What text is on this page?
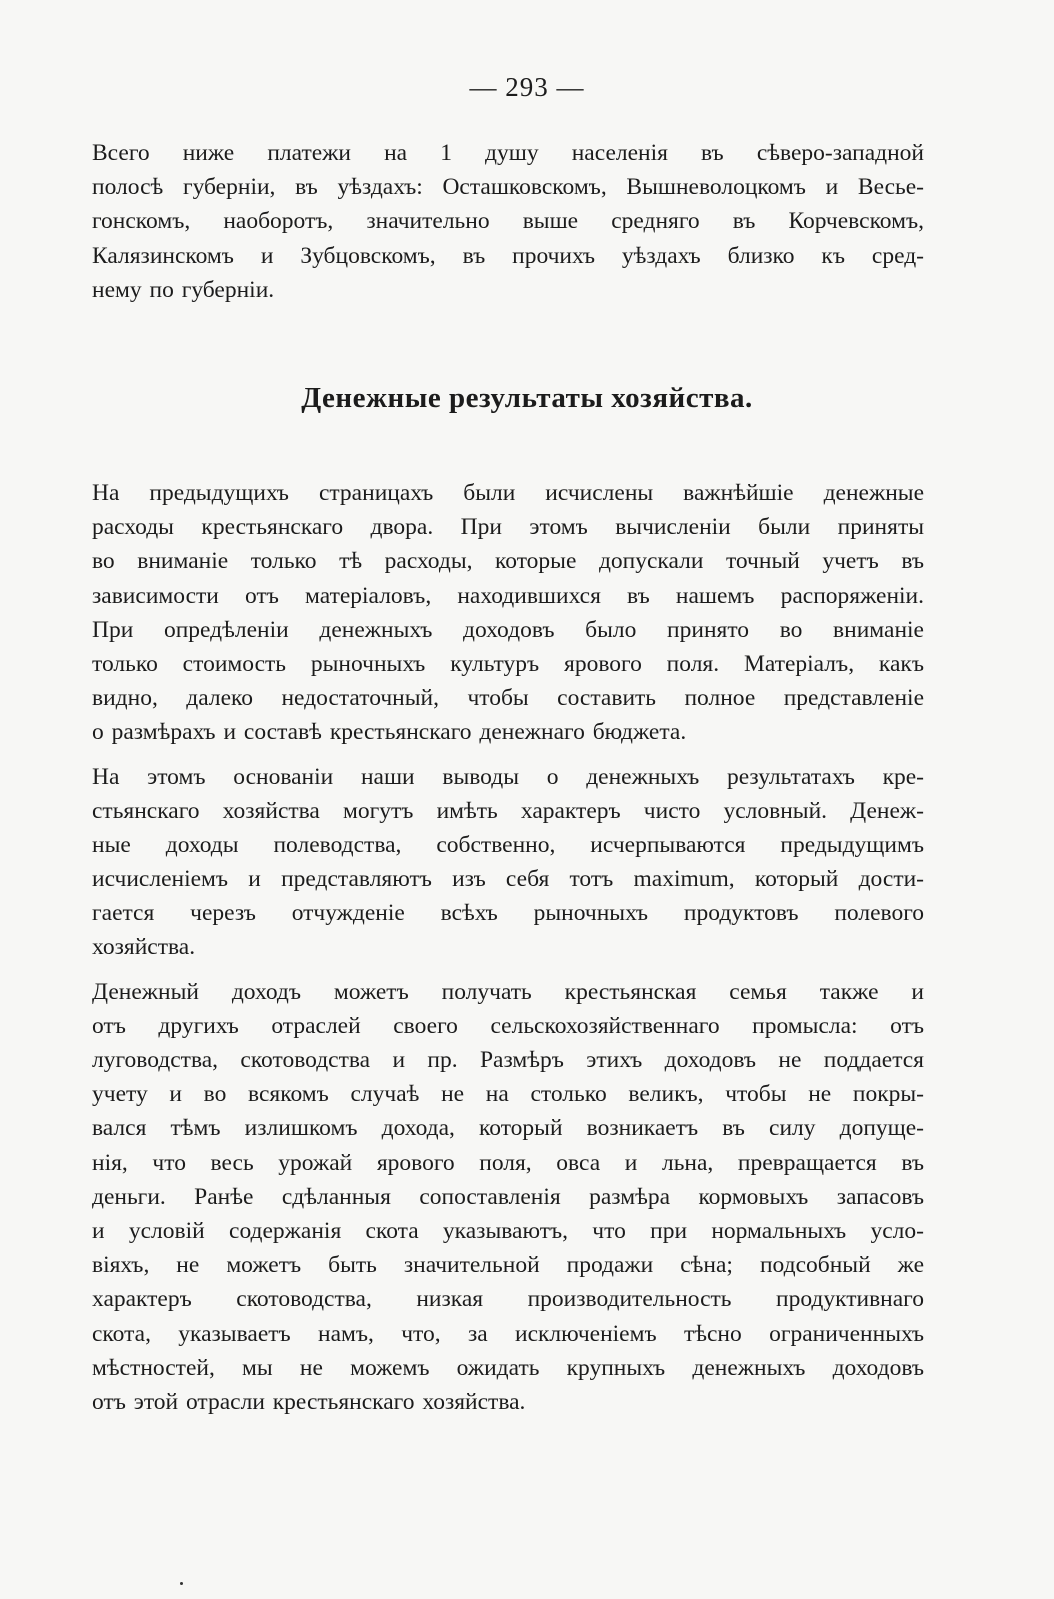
— 293 —
Всего ниже платежи на 1 душу населенія въ сѣверо-западной
полосѣ губерніи, въ уѣздахъ: Осташковскомъ, Вышневолоцкомъ и Весье-
гонскомъ, наоборотъ, значительно выше средняго въ Корчевскомъ,
Калязинскомъ и Зубцовскомъ, въ прочихъ уѣздахъ близко къ сред-
нему по губерніи.
Денежные результаты хозяйства.
На предыдущихъ страницахъ были исчислены важнѣйшіе денежные
расходы крестьянскаго двора. При этомъ вычисленіи были приняты
во вниманіе только тѣ расходы, которые допускали точный учетъ въ
зависимости отъ матеріаловъ, находившихся въ нашемъ распоряженіи.
При опредѣленіи денежныхъ доходовъ было принято во вниманіе
только стоимость рыночныхъ культуръ ярового поля. Матеріалъ, какъ
видно, далеко недостаточный, чтобы составить полное представленіе
о размѣрахъ и составѣ крестьянскаго денежнаго бюджета.
На этомъ основаніи наши выводы о денежныхъ результатахъ кре-
стьянскаго хозяйства могутъ имѣть характеръ чисто условный. Денеж-
ные доходы полеводства, собственно, исчерпываются предыдущимъ
исчисленіемъ и представляютъ изъ себя тотъ maximum, который дости-
гается черезъ отчужденіе всѣхъ рыночныхъ продуктовъ полевого
хозяйства.
Денежный доходъ можетъ получать крестьянская семья также и
отъ другихъ отраслей своего сельскохозяйственнаго промысла: отъ
луговодства, скотоводства и пр. Размѣръ этихъ доходовъ не поддается
учету и во всякомъ случаѣ не на столько великъ, чтобы не покры-
вался тѣмъ излишкомъ дохода, который возникаетъ въ силу допуще-
нія, что весь урожай ярового поля, овса и льна, превращается въ
деньги. Ранѣе сдѣланныя сопоставленія размѣра кормовыхъ запасовъ
и условій содержанія скота указываютъ, что при нормальныхъ усло-
віяхъ, не можетъ быть значительной продажи сѣна; подсобный же
характеръ скотоводства, низкая производительность продуктивнаго
скота, указываетъ намъ, что, за исключеніемъ тѣсно ограниченныхъ
мѣстностей, мы не можемъ ожидать крупныхъ денежныхъ доходовъ
отъ этой отрасли крестьянскаго хозяйства.
